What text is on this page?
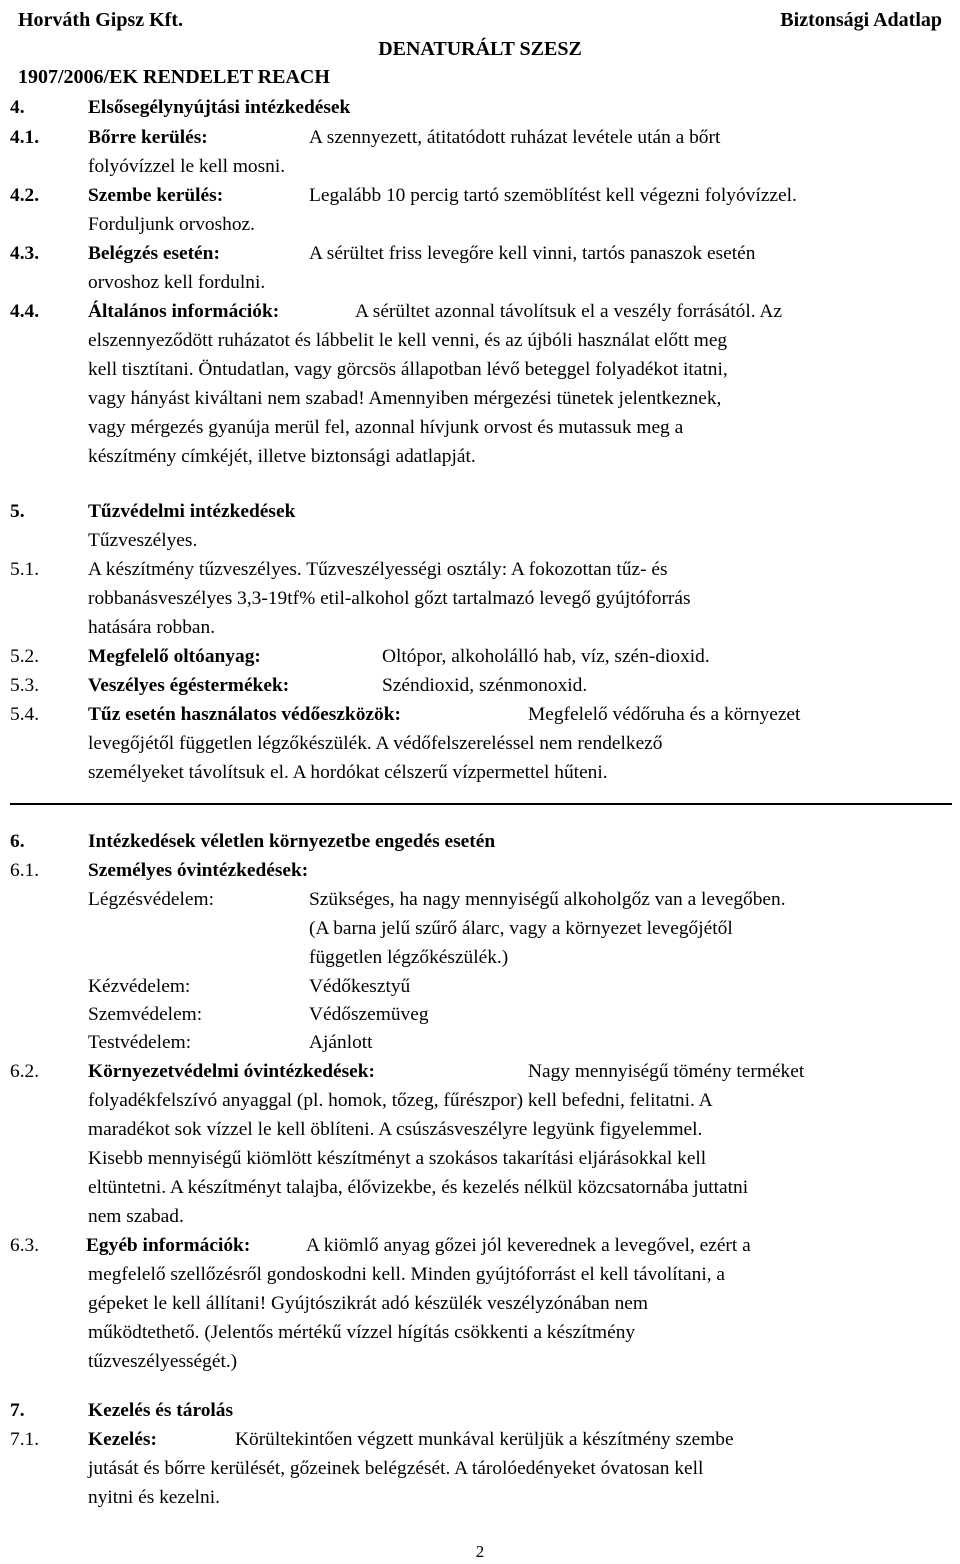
Horváth Gipsz Kft.	Biztonsági Adatlap
DENATURÁLT SZESZ
1907/2006/EK RENDELET REACH
4.	Elsősegélynyújtási intézkedések
4.1.	Bőrre kerülés:	A szennyezett, átitatódott ruházat levétele után a bőrt
folyóvízzel le kell mosni.
4.2.	Szembe kerülés:	Legalább 10 percig tartó szemöblítést kell végezni folyóvízzel.
Forduljunk orvoshoz.
4.3.	Belégzés esetén:	A sérültet friss levegőre kell vinni, tartós panaszok esetén
orvoshoz kell fordulni.
4.4.	Általános információk:	A sérültet azonnal távolítsuk el a veszély forrásától. Az
elszennyeződött ruházatot és lábbelit le kell venni, és az újbóli használat előtt meg
kell tisztítani. Öntudatlan, vagy görcsös állapotban lévő beteggel folyadékot itatni,
vagy hányást kiváltani nem szabad! Amennyiben mérgezési tünetek jelentkeznek,
vagy mérgezés gyanúja merül fel, azonnal hívjunk orvost és mutassuk meg a
készítmény címkéjét, illetve biztonsági adatlapját.
5.	Tűzvédelmi intézkedések
Tűzveszélyes.
5.1.	A készítmény tűzveszélyes. Tűzveszélyességi osztály: A fokozottan tűz- és
robbanásveszélyes 3,3-19tf% etil-alkohol gőzt tartalmazó levegő gyújtóforrás
hatására robban.
5.2.	Megfelelő oltóanyag:	Oltópor, alkoholálló hab, víz, szén-dioxid.
5.3.	Veszélyes égéstermékek:	Széndioxid, szénmonoxid.
5.4.	Tűz esetén használatos védőeszközök:	Megfelelő védőruha és a környezet
levegőjétől független légzőkészülék. A védőfelszereléssel nem rendelkező
személyeket távolítsuk el. A hordókat célszerű vízpermettel hűteni.
6.	Intézkedések véletlen környezetbe engedés esetén
6.1.	Személyes óvintézkedések:
Légzésvédelem:	Szükséges, ha nagy mennyiségű alkoholgőz van a levegőben.
(A barna jelű szűrő álarc, vagy a környezet levegőjétől
független légzőkészülék.)
Kézvédelem:	Védőkesztyű
Szemvédelem:	Védőszemüveg
Testvédelem:	Ajánlott
6.2.	Környezetvédelmi óvintézkedések:	Nagy mennyiségű tömény terméket
folyadékfelszívó anyaggal (pl. homok, tőzeg, fűrészpor) kell befedni, felitatni. A
maradékot sok vízzel le kell öblíteni. A csúszásveszélyre legyünk figyelemmel.
Kisebb mennyiségű kiömlött készítményt a szokásos takarítási eljárásokkal kell
eltüntetni. A készítményt talajba, élővizekbe, és kezelés nélkül közcsatornába juttatni
nem szabad.
6.3. Egyéb információk:	A kiömlő anyag gőzei jól keverednek a levegővel, ezért a
megfelelő szellőzésről gondoskodni kell. Minden gyújtóforrást el kell távolítani, a
gépeket le kell állítani! Gyújtószikrát adó készülék veszélyzónában nem
működtethető. (Jelentős mértékű vízzel hígítás csökkenti a készítmény
tűzveszélyességét.)
7.	Kezelés és tárolás
7.1.	Kezelés:	Körültekintően végzett munkával kerüljük a készítmény szembe
jutását és bőrre kerülését, gőzeinek belégzését. A tárolóedényeket óvatosan kell
nyitni és kezelni.
2
